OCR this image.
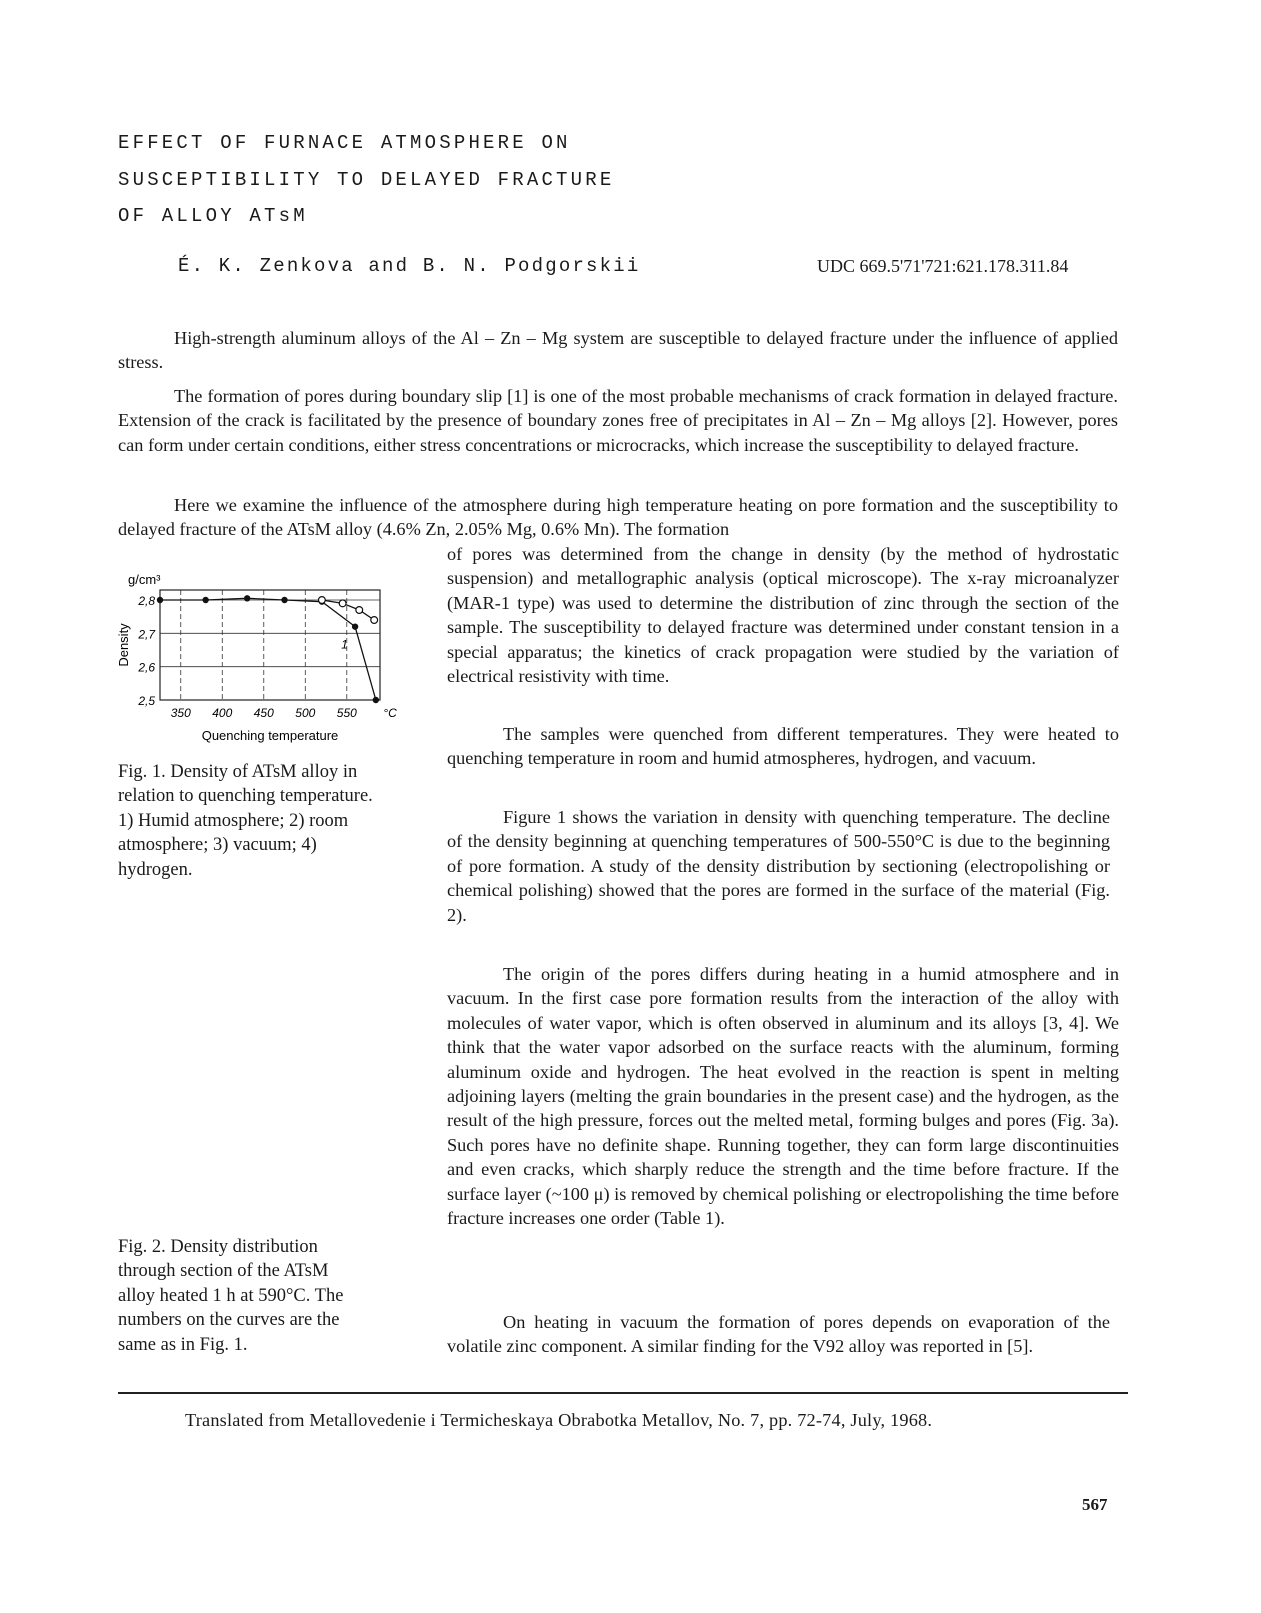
EFFECT OF FURNACE ATMOSPHERE ON
SUSCEPTIBILITY TO DELAYED FRACTURE
OF ALLOY ATsM
É. K. Zenkova and B. N. Podgorskii	UDC 669.5'71'721:621.178.311.84

High-strength aluminum alloys of the Al – Zn – Mg system are susceptible to delayed fracture under the influence of applied stress.

The formation of pores during boundary slip [1] is one of the most probable mechanisms of crack formation in delayed fracture. Extension of the crack is facilitated by the presence of boundary zones free of precipitates in Al – Zn – Mg alloys [2]. However, pores can form under certain conditions, either stress concentrations or microcracks, which increase the susceptibility to delayed fracture.

Here we examine the influence of the atmosphere during high temperature heating on pore formation and the susceptibility to delayed fracture of the ATsM alloy (4.6% Zn, 2.05% Mg, 0.6% Mn). The formation

of pores was determined from the change in density (by the method of hydrostatic suspension) and metallographic analysis (optical microscope). The x-ray microanalyzer (MAR-1 type) was used to determine the distribution of zinc through the section of the sample. The susceptibility to delayed fracture was determined under constant tension in a special apparatus; the kinetics of crack propagation were studied by the variation of electrical resistivity with time.

The samples were quenched from different temperatures. They were heated to quenching temperature in room and humid atmospheres, hydrogen, and vacuum.

Figure 1 shows the variation in density with quenching temperature. The decline of the density beginning at quenching temperatures of 500-550°C is due to the beginning of pore formation. A study of the density distribution by sectioning (electropolishing or chemical polishing) showed that the pores are formed in the surface of the material (Fig. 2).

The origin of the pores differs during heating in a humid atmosphere and in vacuum. In the first case pore formation results from the interaction of the alloy with molecules of water vapor, which is often observed in aluminum and its alloys [3, 4]. We think that the water vapor adsorbed on the surface reacts with the aluminum, forming aluminum oxide and hydrogen. The heat evolved in the reaction is spent in melting adjoining layers (melting the grain boundaries in the present case) and the hydrogen, as the result of the high pressure, forces out the melted metal, forming bulges and pores (Fig. 3a). Such pores have no definite shape. Running together, they can form large discontinuities and even cracks, which sharply reduce the strength and the time before fracture. If the surface layer (~100 μ) is removed by chemical polishing or electropolishing the time before fracture increases one order (Table 1).

On heating in vacuum the formation of pores depends on evaporation of the volatile zinc component. A similar finding for the V92 alloy was reported in [5].

2,5
2,6
2,7
2,8
350 400 450 500 550 °C
g/cm³
Quenching temperature
Density	1
Fig. 1. Density of ATsM alloy in relation to quenching temperature. 1) Humid atmosphere; 2) room atmosphere; 3) vacuum; 4) hydrogen.
Fig. 2. Density distribution through section of the ATsM alloy heated 1 h at 590°C. The numbers on the curves are the same as in Fig. 1.
Translated from Metallovedenie i Termicheskaya Obrabotka Metallov, No. 7, pp. 72-74, July, 1968.
567
